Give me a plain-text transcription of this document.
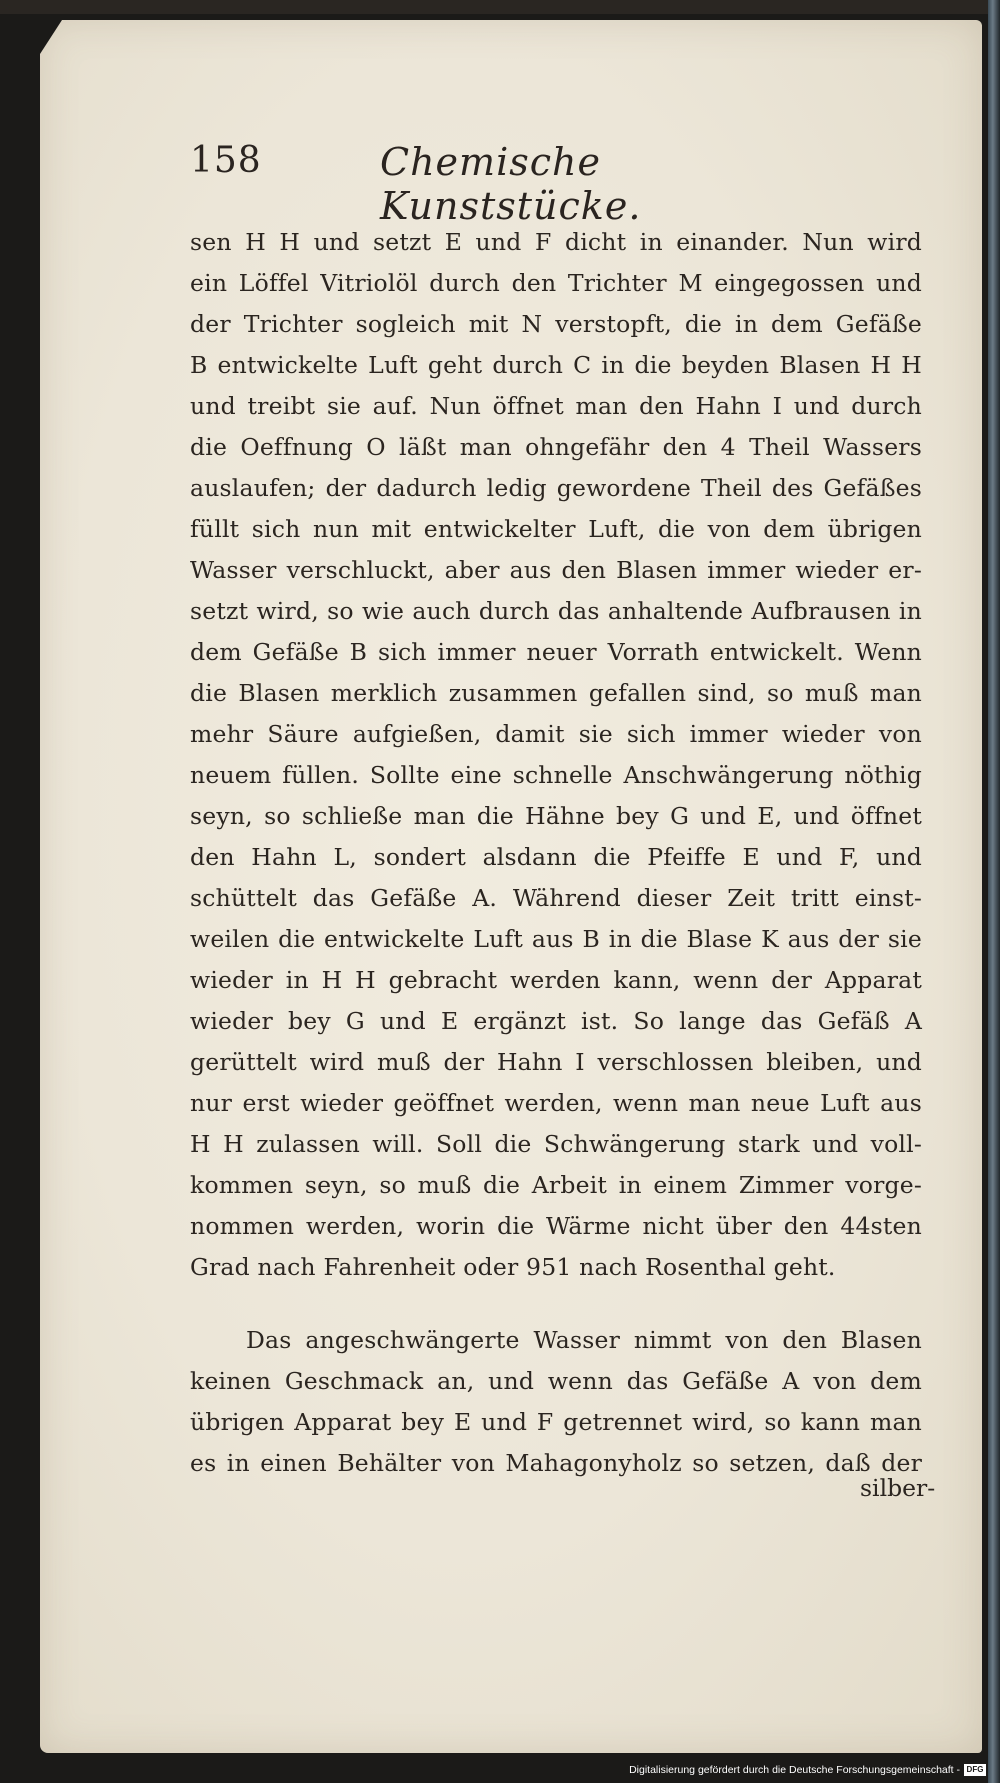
158	Chemische Kunststücke.
sen H H und setzt E und F dicht in einander. Nun wird
ein Löffel Vitriolöl durch den Trichter M eingegossen und
der Trichter sogleich mit N verstopft, die in dem Gefäße
B entwickelte Luft geht durch C in die beyden Blasen H H
und treibt sie auf. Nun öffnet man den Hahn I und durch
die Oeffnung O läßt man ohngefähr den 4 Theil Wassers
auslaufen; der dadurch ledig gewordene Theil des Gefäßes
füllt sich nun mit entwickelter Luft, die von dem übrigen
Wasser verschluckt, aber aus den Blasen immer wieder er-
setzt wird, so wie auch durch das anhaltende Aufbrausen in
dem Gefäße B sich immer neuer Vorrath entwickelt. Wenn
die Blasen merklich zusammen gefallen sind, so muß man
mehr Säure aufgießen, damit sie sich immer wieder von
neuem füllen. Sollte eine schnelle Anschwängerung nöthig
seyn, so schließe man die Hähne bey G und E, und öffnet
den Hahn L, sondert alsdann die Pfeiffe E und F, und
schüttelt das Gefäße A. Während dieser Zeit tritt einst-
weilen die entwickelte Luft aus B in die Blase K aus der sie
wieder in H H gebracht werden kann, wenn der Apparat
wieder bey G und E ergänzt ist. So lange das Gefäß A
gerüttelt wird muß der Hahn I verschlossen bleiben, und
nur erst wieder geöffnet werden, wenn man neue Luft aus
H H zulassen will. Soll die Schwängerung stark und voll-
kommen seyn, so muß die Arbeit in einem Zimmer vorge-
nommen werden, worin die Wärme nicht über den 44sten
Grad nach Fahrenheit oder 951 nach Rosenthal geht.
Das angeschwängerte Wasser nimmt von den Blasen
keinen Geschmack an, und wenn das Gefäße A von dem
übrigen Apparat bey E und F getrennet wird, so kann man
es in einen Behälter von Mahagonyholz so setzen, daß der
silber-
Digitalisierung gefördert durch die Deutsche Forschungsgemeinschaft - DFG
